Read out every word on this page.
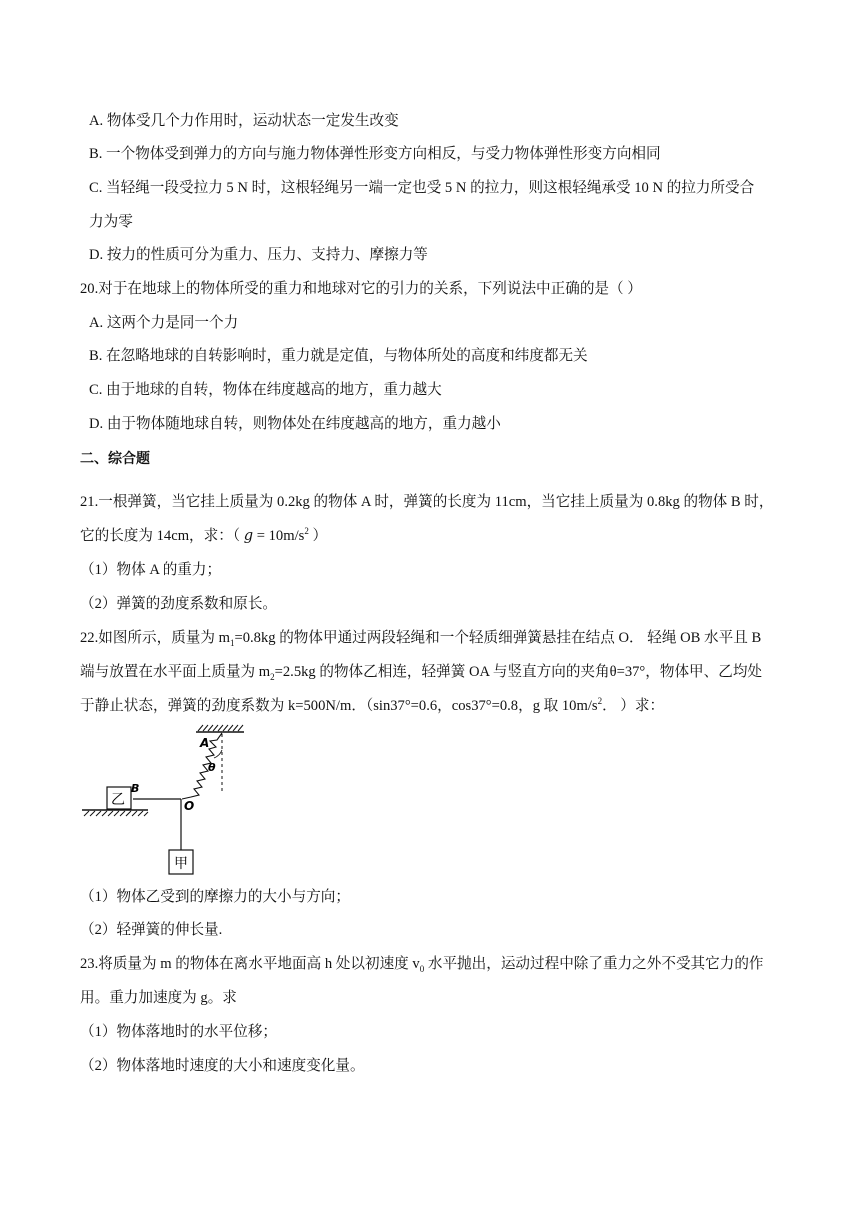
A. 物体受几个力作用时，运动状态一定发生改变
B. 一个物体受到弹力的方向与施力物体弹性形变方向相反，与受力物体弹性形变方向相同
C. 当轻绳一段受拉力 5 N 时，这根轻绳另一端一定也受 5 N 的拉力，则这根轻绳承受 10 N 的拉力所受合
力为零
D. 按力的性质可分为重力、压力、支持力、摩擦力等
20.对于在地球上的物体所受的重力和地球对它的引力的关系，下列说法中正确的是（ ）
A. 这两个力是同一个力
B. 在忽略地球的自转影响时，重力就是定值，与物体所处的高度和纬度都无关
C. 由于地球的自转，物体在纬度越高的地方，重力越大
D. 由于物体随地球自转，则物体处在纬度越高的地方，重力越小
二、综合题
21.一根弹簧，当它挂上质量为 0.2kg 的物体 A 时，弹簧的长度为 11cm，当它挂上质量为 0.8kg 的物体 B 时，
它的长度为 14cm，求：（ $g = 10m/s^2$ ）
（1）物体 A 的重力；
（2）弹簧的劲度系数和原长。
22.如图所示，质量为 $m_1=0.8kg$ 的物体甲通过两段轻绳和一个轻质细弹簧悬挂在结点 O． 轻绳 OB 水平且 B
端与放置在水平面上质量为 $m_2=2.5kg$ 的物体乙相连，轻弹簧 OA 与竖直方向的夹角θ=37°，物体甲、乙均处
于静止状态，弹簧的劲度系数为 k=500N/m．（sin37°=0.6，cos37°=0.8，g 取 $10m/s^2$． ）求：
A
θ
乙
B
O
甲
（1）物体乙受到的摩擦力的大小与方向；
（2）轻弹簧的伸长量.
23.将质量为 m 的物体在离水平地面高 h 处以初速度 $v_0$ 水平抛出，运动过程中除了重力之外不受其它力的作
用。重力加速度为 g。求
（1）物体落地时的水平位移；
（2）物体落地时速度的大小和速度变化量。
